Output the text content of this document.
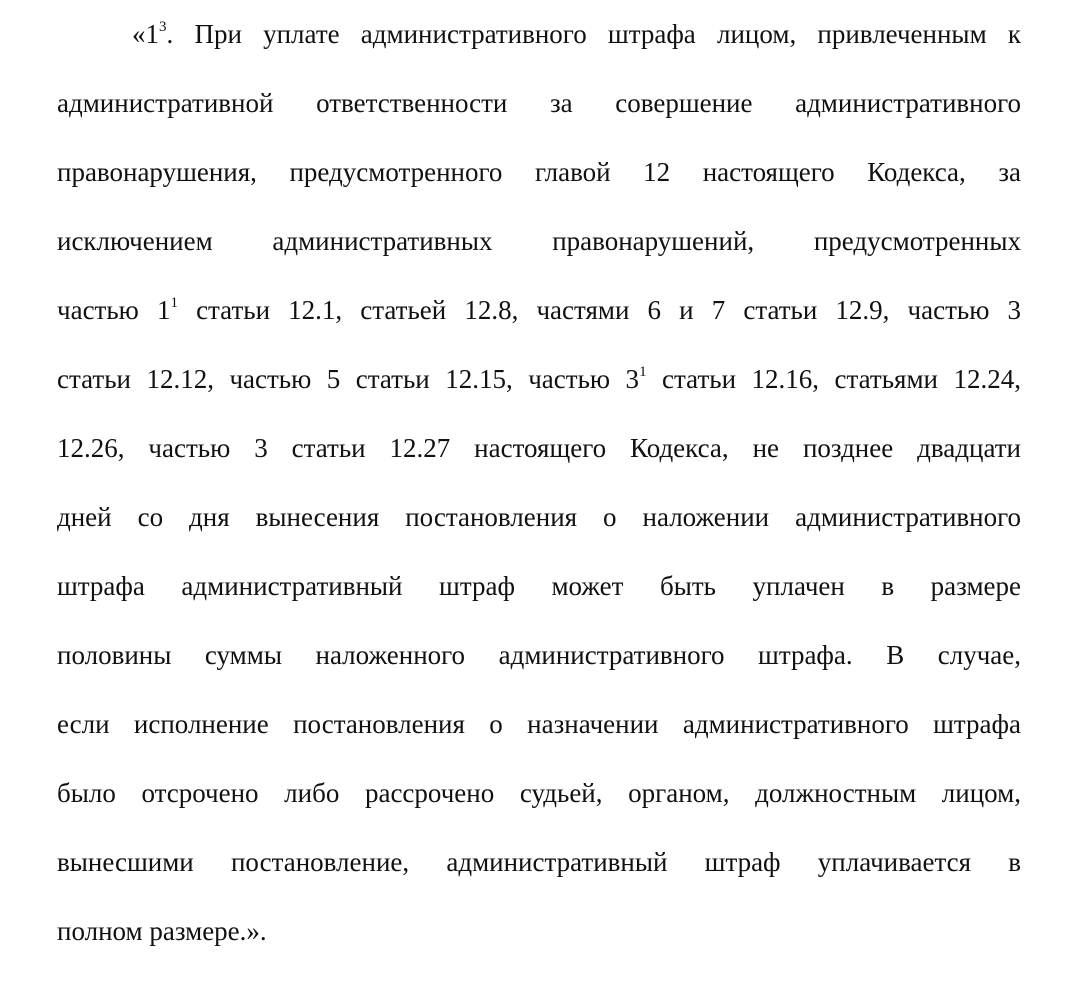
«$1^3$. При уплате административного штрафа лицом, привлеченным к
административной ответственности за совершение административного
правонарушения, предусмотренного главой 12 настоящего Кодекса, за
исключением административных правонарушений, предусмотренных
частью $1^1$ статьи 12.1, статьей 12.8, частями 6 и 7 статьи 12.9, частью 3
статьи 12.12, частью 5 статьи 12.15, частью $3^1$ статьи 12.16, статьями 12.24,
12.26, частью 3 статьи 12.27 настоящего Кодекса, не позднее двадцати
дней со дня вынесения постановления о наложении административного
штрафа административный штраф может быть уплачен в размере
половины суммы наложенного административного штрафа. В случае,
если исполнение постановления о назначении административного штрафа
было отсрочено либо рассрочено судьей, органом, должностным лицом,
вынесшими постановление, административный штраф уплачивается в
полном размере.».
